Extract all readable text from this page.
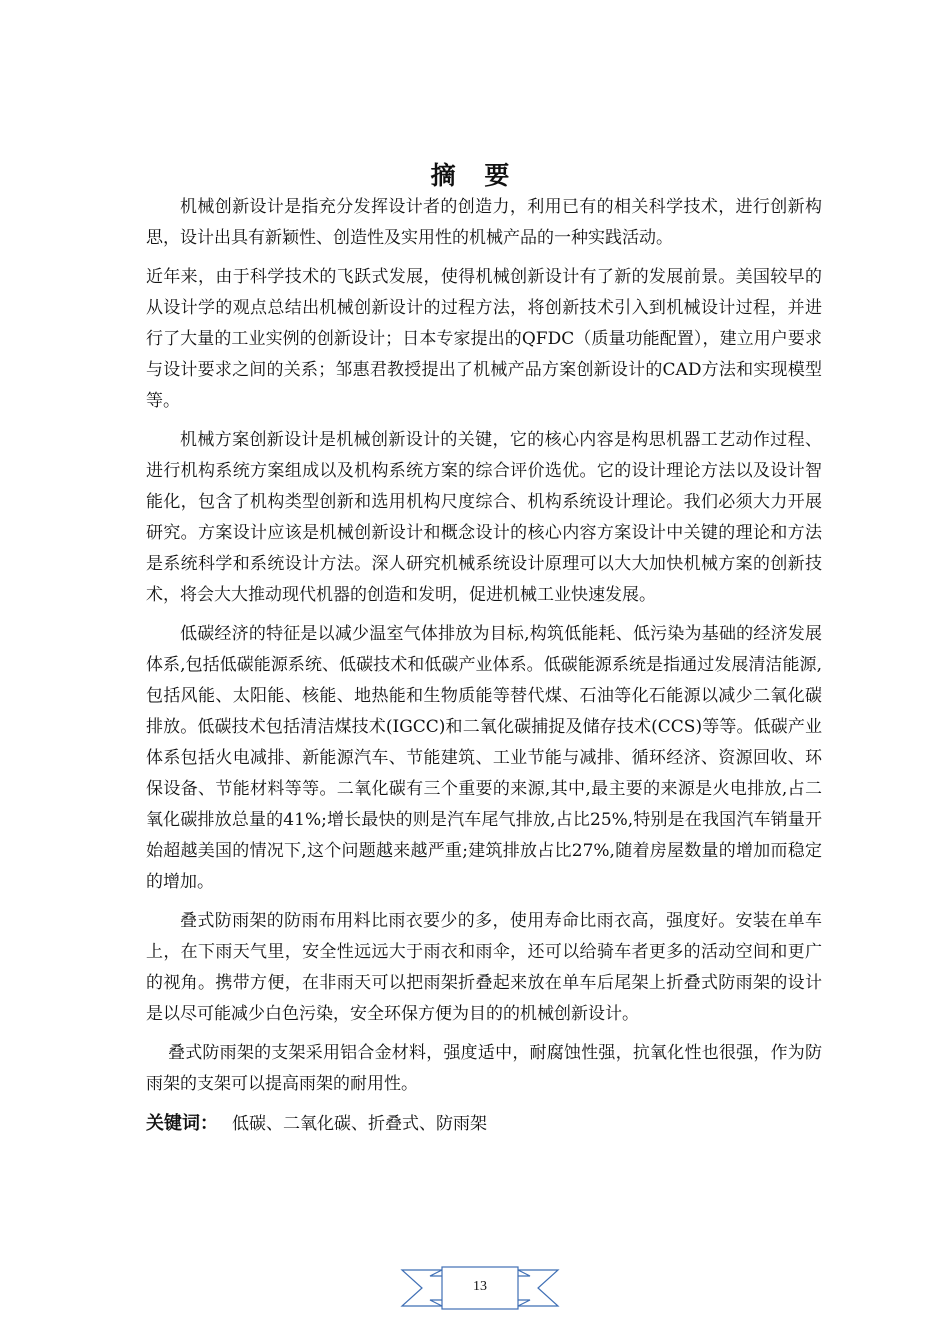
摘 要

机械创新设计是指充分发挥设计者的创造力，利用已有的相关科学技术，进行创新构思，设计出具有新颖性、创造性及实用性的机械产品的一种实践活动。

近年来，由于科学技术的飞跃式发展，使得机械创新设计有了新的发展前景。美国较早的从设计学的观点总结出机械创新设计的过程方法，将创新技术引入到机械设计过程，并进行了大量的工业实例的创新设计；日本专家提出的QFDC（质量功能配置），建立用户要求与设计要求之间的关系；邹惠君教授提出了机械产品方案创新设计的CAD方法和实现模型等。

机械方案创新设计是机械创新设计的关键，它的核心内容是构思机器工艺动作过程、进行机构系统方案组成以及机构系统方案的综合评价选优。它的设计理论方法以及设计智能化，包含了机构类型创新和选用机构尺度综合、机构系统设计理论。我们必须大力开展研究。方案设计应该是机械创新设计和概念设计的核心内容方案设计中关键的理论和方法是系统科学和系统设计方法。深人研究机械系统设计原理可以大大加快机械方案的创新技术，将会大大推动现代机器的创造和发明，促进机械工业快速发展。

低碳经济的特征是以减少温室气体排放为目标,构筑低能耗、低污染为基础的经济发展体系,包括低碳能源系统、低碳技术和低碳产业体系。低碳能源系统是指通过发展清洁能源,包括风能、太阳能、核能、地热能和生物质能等替代煤、石油等化石能源以减少二氧化碳排放。低碳技术包括清洁煤技术(IGCC)和二氧化碳捕捉及储存技术(CCS)等等。低碳产业体系包括火电减排、新能源汽车、节能建筑、工业节能与减排、循环经济、资源回收、环保设备、节能材料等等。二氧化碳有三个重要的来源,其中,最主要的来源是火电排放,占二氧化碳排放总量的41%;增长最快的则是汽车尾气排放,占比25%,特别是在我国汽车销量开始超越美国的情况下,这个问题越来越严重;建筑排放占比27%,随着房屋数量的增加而稳定的增加。

叠式防雨架的防雨布用料比雨衣要少的多，使用寿命比雨衣高，强度好。安装在单车上，在下雨天气里，安全性远远大于雨衣和雨伞，还可以给骑车者更多的活动空间和更广的视角。携带方便，在非雨天可以把雨架折叠起来放在单车后尾架上折叠式防雨架的设计是以尽可能减少白色污染，安全环保方便为目的的机械创新设计。

叠式防雨架的支架采用铝合金材料，强度适中，耐腐蚀性强，抗氧化性也很强，作为防雨架的支架可以提高雨架的耐用性。

关键词： 低碳、二氧化碳、折叠式、防雨架
13
